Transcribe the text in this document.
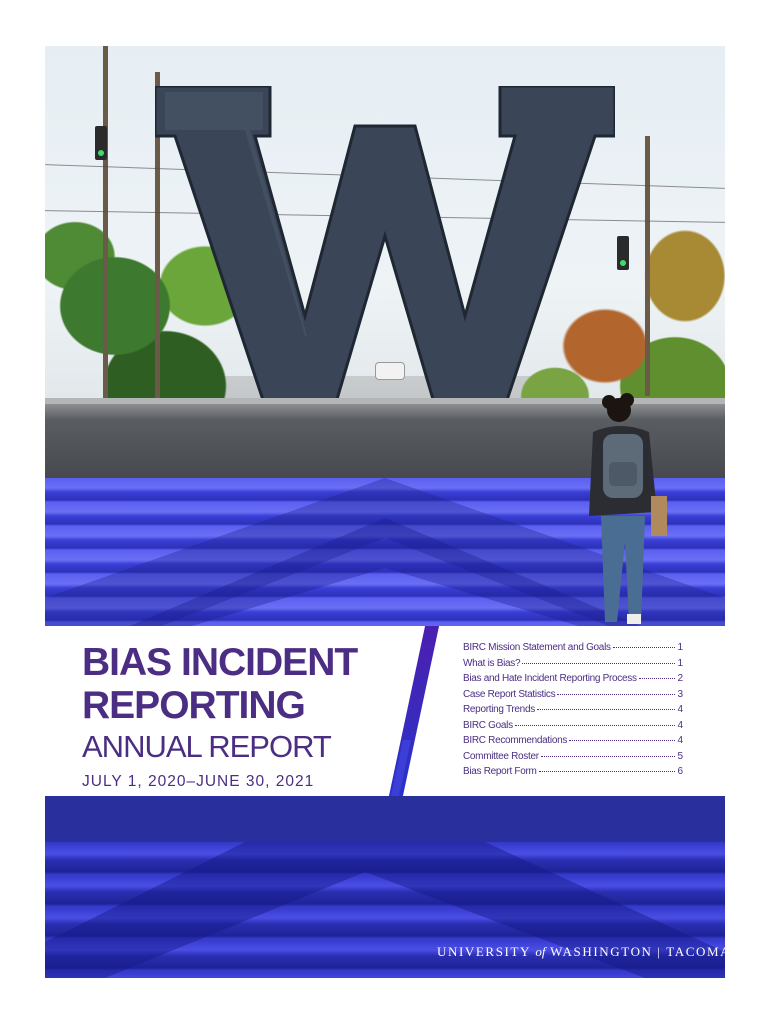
BIAS INCIDENT
REPORTING
ANNUAL REPORT
JULY 1, 2020–JUNE 30, 2021
BIRC Mission Statement and Goals	1
What is Bias?	1
Bias and Hate Incident Reporting Process	2
Case Report Statistics	3
Reporting Trends	4
BIRC Goals	4
BIRC Recommendations	4
Committee Roster	5
Bias Report Form	6
UNIVERSITY of WASHINGTON | TACOMA
